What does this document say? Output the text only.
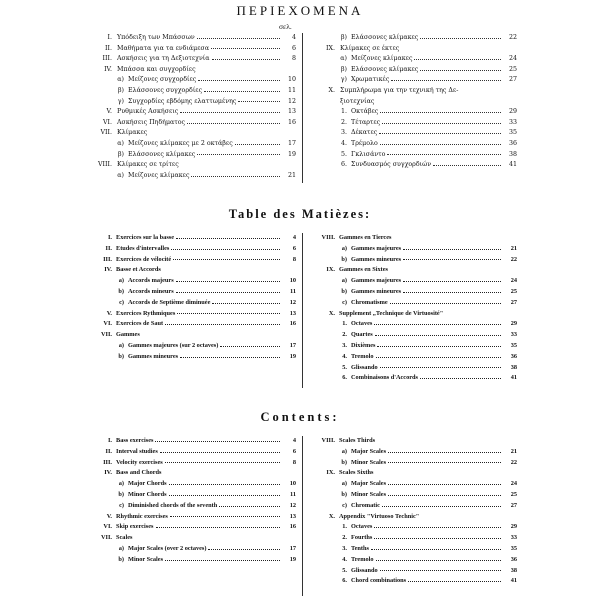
ΠΕΡΙΕΧΟΜΕΝΑ
σελ.
I. Υπόδειξη των Μπάσσων	4
II. Μαθήματα για τα ενδιάμεσα	6
III. Ασκήσεις για τη Δεξιοτεχνία	8
IV. Μπάσσα και συγχορδίες
α) Μείζονες συγχορδίες	10
β) Ελάσσονες συγχορδίες	11
γ) Συγχορδίες εβδόμης ελαττωμένης	12
V. Ρυθμικές Ασκήσεις	13
VI. Ασκήσεις Πηδήματος	16
VII. Κλίμακες
α) Μείζονες κλίμακες με 2 οκτάβες	17
β) Ελάσσονες κλίμακες	19
VIII. Κλίμακες σε τρίτες
α) Μείζονες κλίμακες	21
β) Ελάσσονες κλίμακες	22
IX. Κλίμακες σε έκτες
α) Μείζονες κλίμακες	24
β) Ελάσσονες κλίμακες	25
γ) Χρωματικές	27
X. Συμπλήρωμα για την τεχνική της Δε-
ξιοτεχνίας
1. Οκτάβες	29
2. Τέταρτες	33
3. Δέκατες	35
4. Τρέμολο	36
5. Γκλισάντο	38
6. Συνδυασμός συγχορδιών	41
Table des Matièzes:
I. Exercices sur la basse	4
II. Etudes d'intervalles	6
III. Exercices de vélocité	8
IV. Basse et Accords
a) Accords majeurs	10
b) Accords mineurs	11
c) Accords de Septième diminuée	12
V. Exercices Rythmiques	13
VI. Exercices de Saut	16
VII. Gammes
a) Gammes majeures (sur 2 octaves)	17
b) Gammes mineures	19
VIII. Gammes en Tierces
a) Gammes majeures	21
b) Gammes mineures	22
IX. Gammes en Sixtes
a) Gammes majeures	24
b) Gammes mineures	25
c) Chromatisme	27
X. Supplement „Technique de Virtuosité"
1. Octaves	29
2. Quartes	33
3. Dixièmes	35
4. Tremolo	36
5. Glissando	38
6. Combinaisons d'Accords	41
Contents:
I. Bass exercises	4
II. Interval studies	6
III. Velocity exercises	8
IV. Bass and Chords
a) Major Chords	10
b) Minor Chords	11
c) Diminished chords of the seventh	12
V. Rhythmic exercises	13
VI. Skip exercises	16
VII. Scales
a) Major Scales (over 2 octaves)	17
b) Minor Scales	19
VIII. Scales Thirds
a) Major Scales	21
b) Minor Scales	22
IX. Scales Sixths
a) Major Scales	24
b) Minor Scales	25
c) Chromatic	27
X. Appendix "Virtuoso Technic"
1. Octaves	29
2. Fourths	33
3. Tenths	35
4. Tremolo	36
5. Glissando	38
6. Chord combinations	41
